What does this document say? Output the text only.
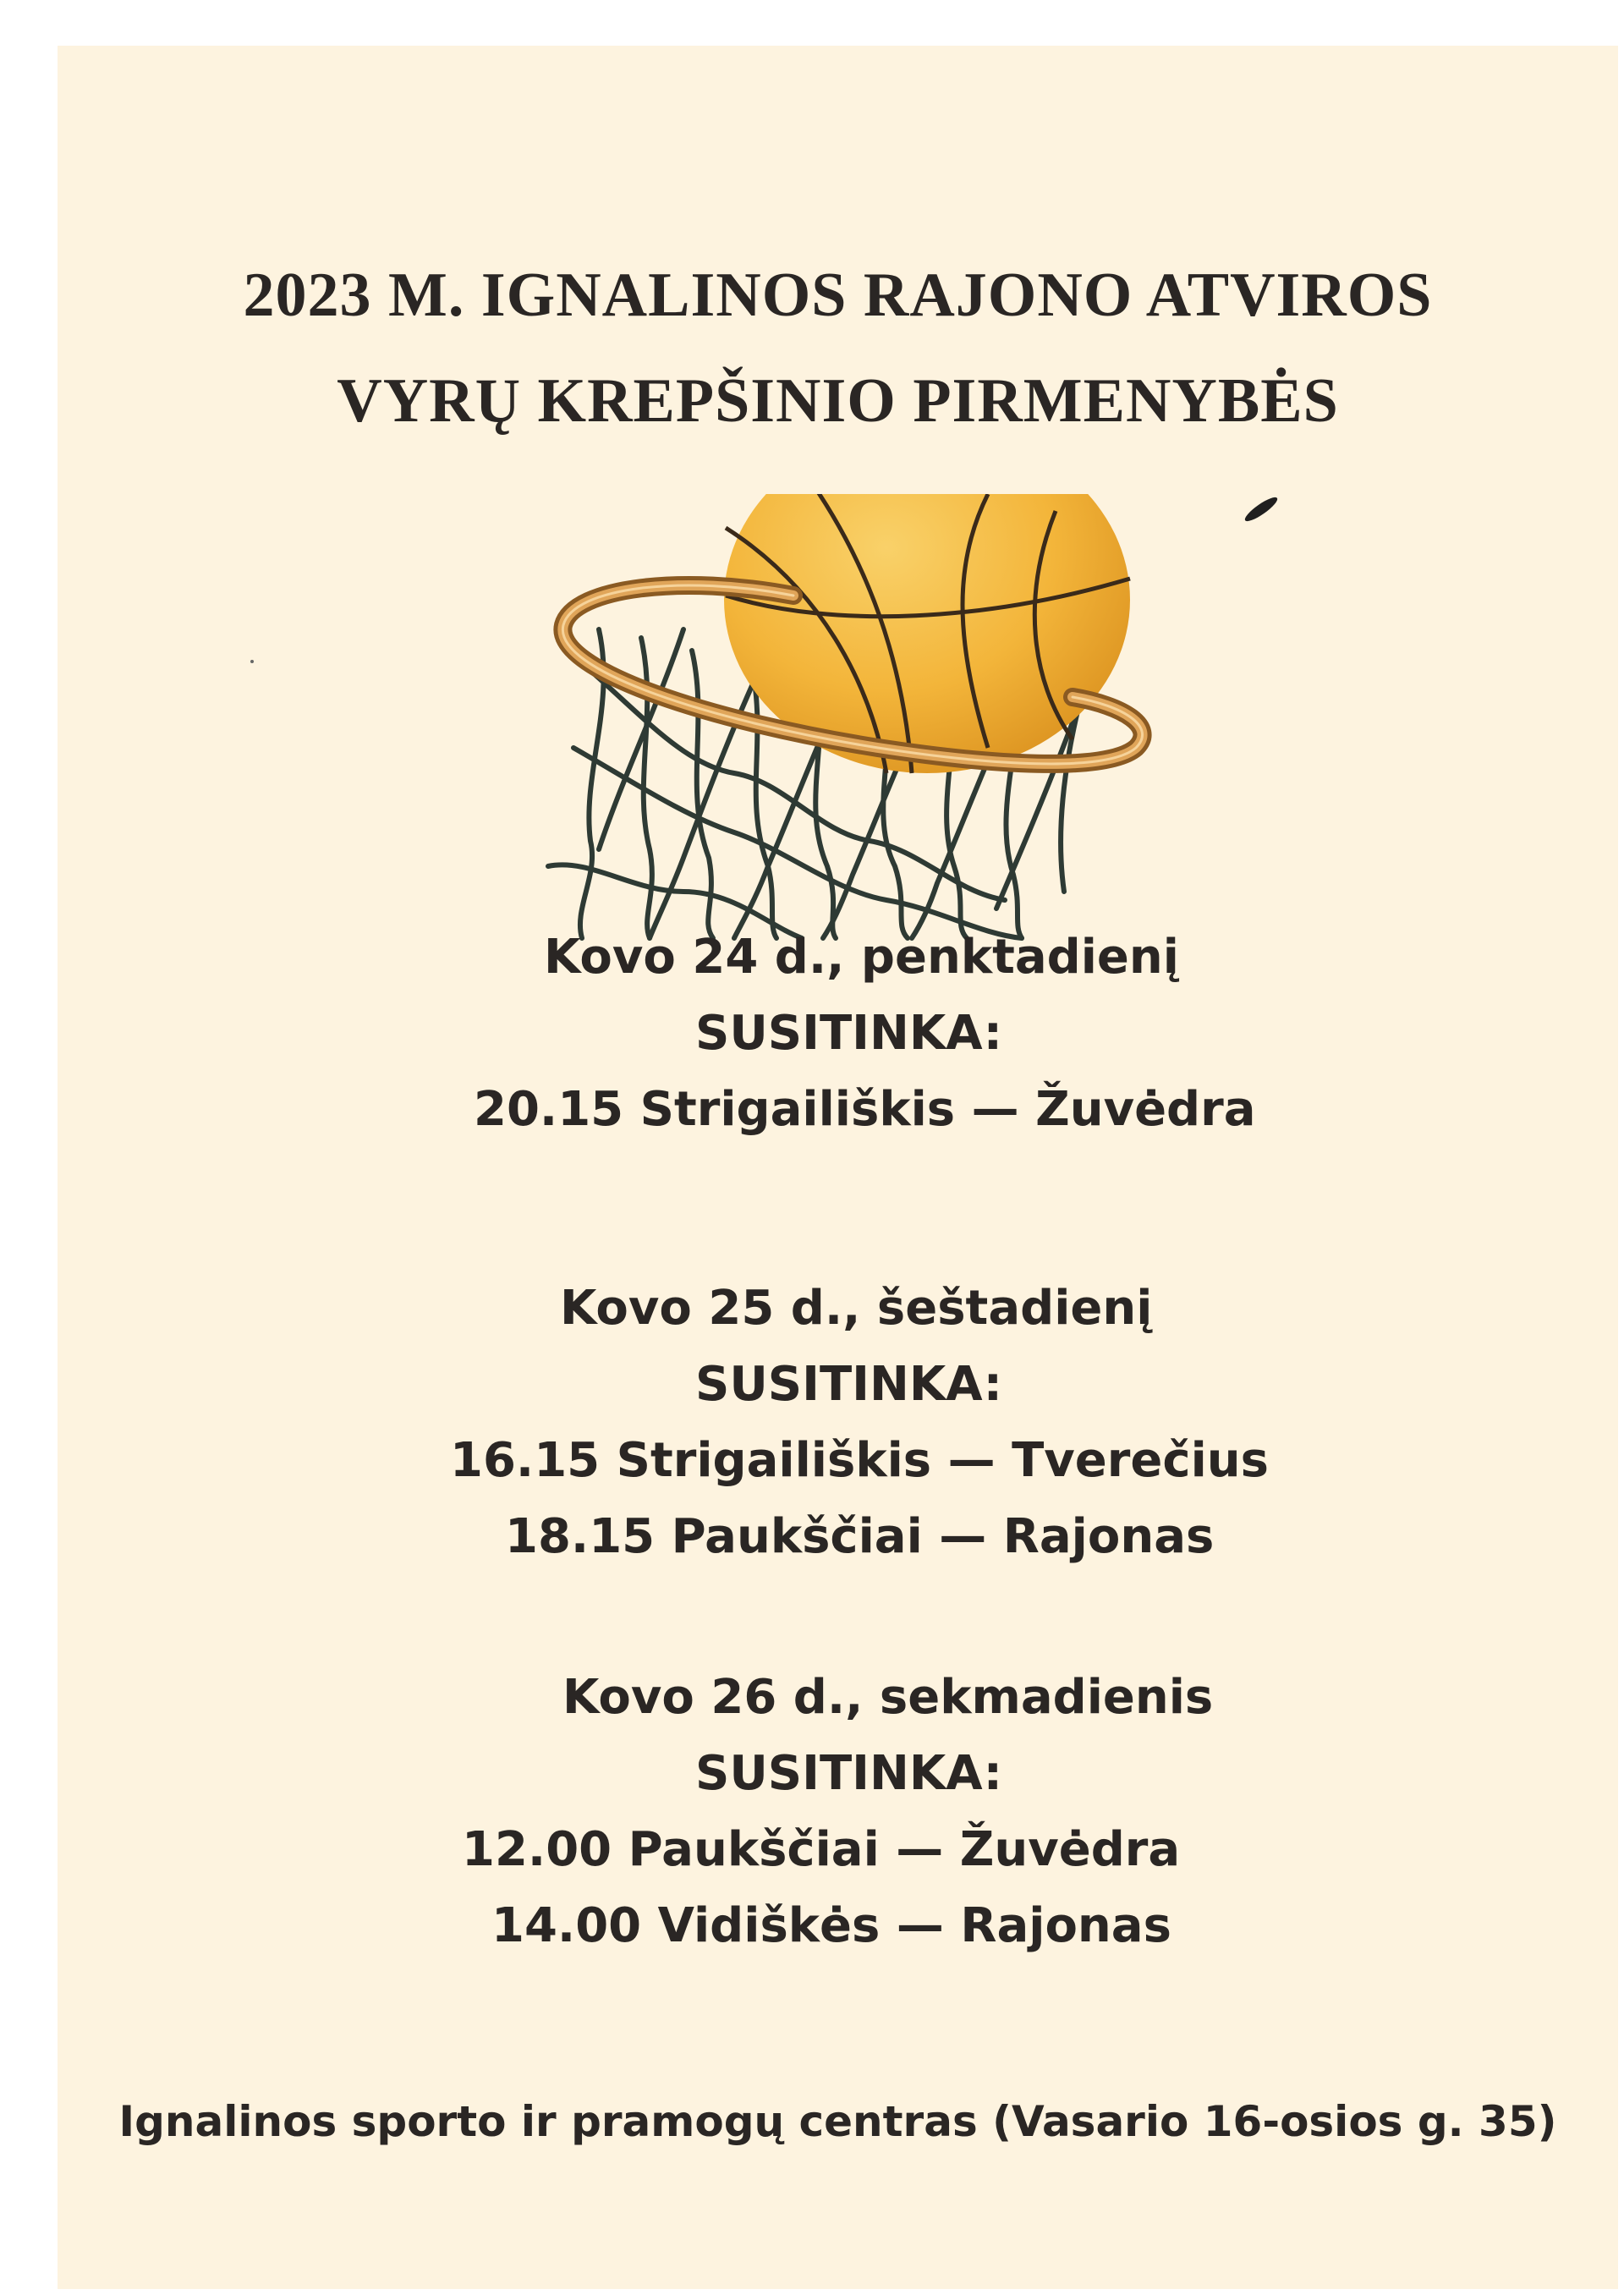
2023 M. IGNALINOS RAJONO ATVIROS
VYRŲ KREPŠINIO PIRMENYBĖS
Kovo 24 d., penktadienį
SUSITINKA:
20.15 Strigailiškis — Žuvėdra
Kovo 25 d., šeštadienį
SUSITINKA:
16.15 Strigailiškis — Tverečius
18.15 Paukščiai — Rajonas
Kovo 26 d., sekmadienis
SUSITINKA:
12.00 Paukščiai — Žuvėdra
14.00 Vidiškės — Rajonas
Ignalinos sporto ir pramogų centras (Vasario 16-osios g. 35)
